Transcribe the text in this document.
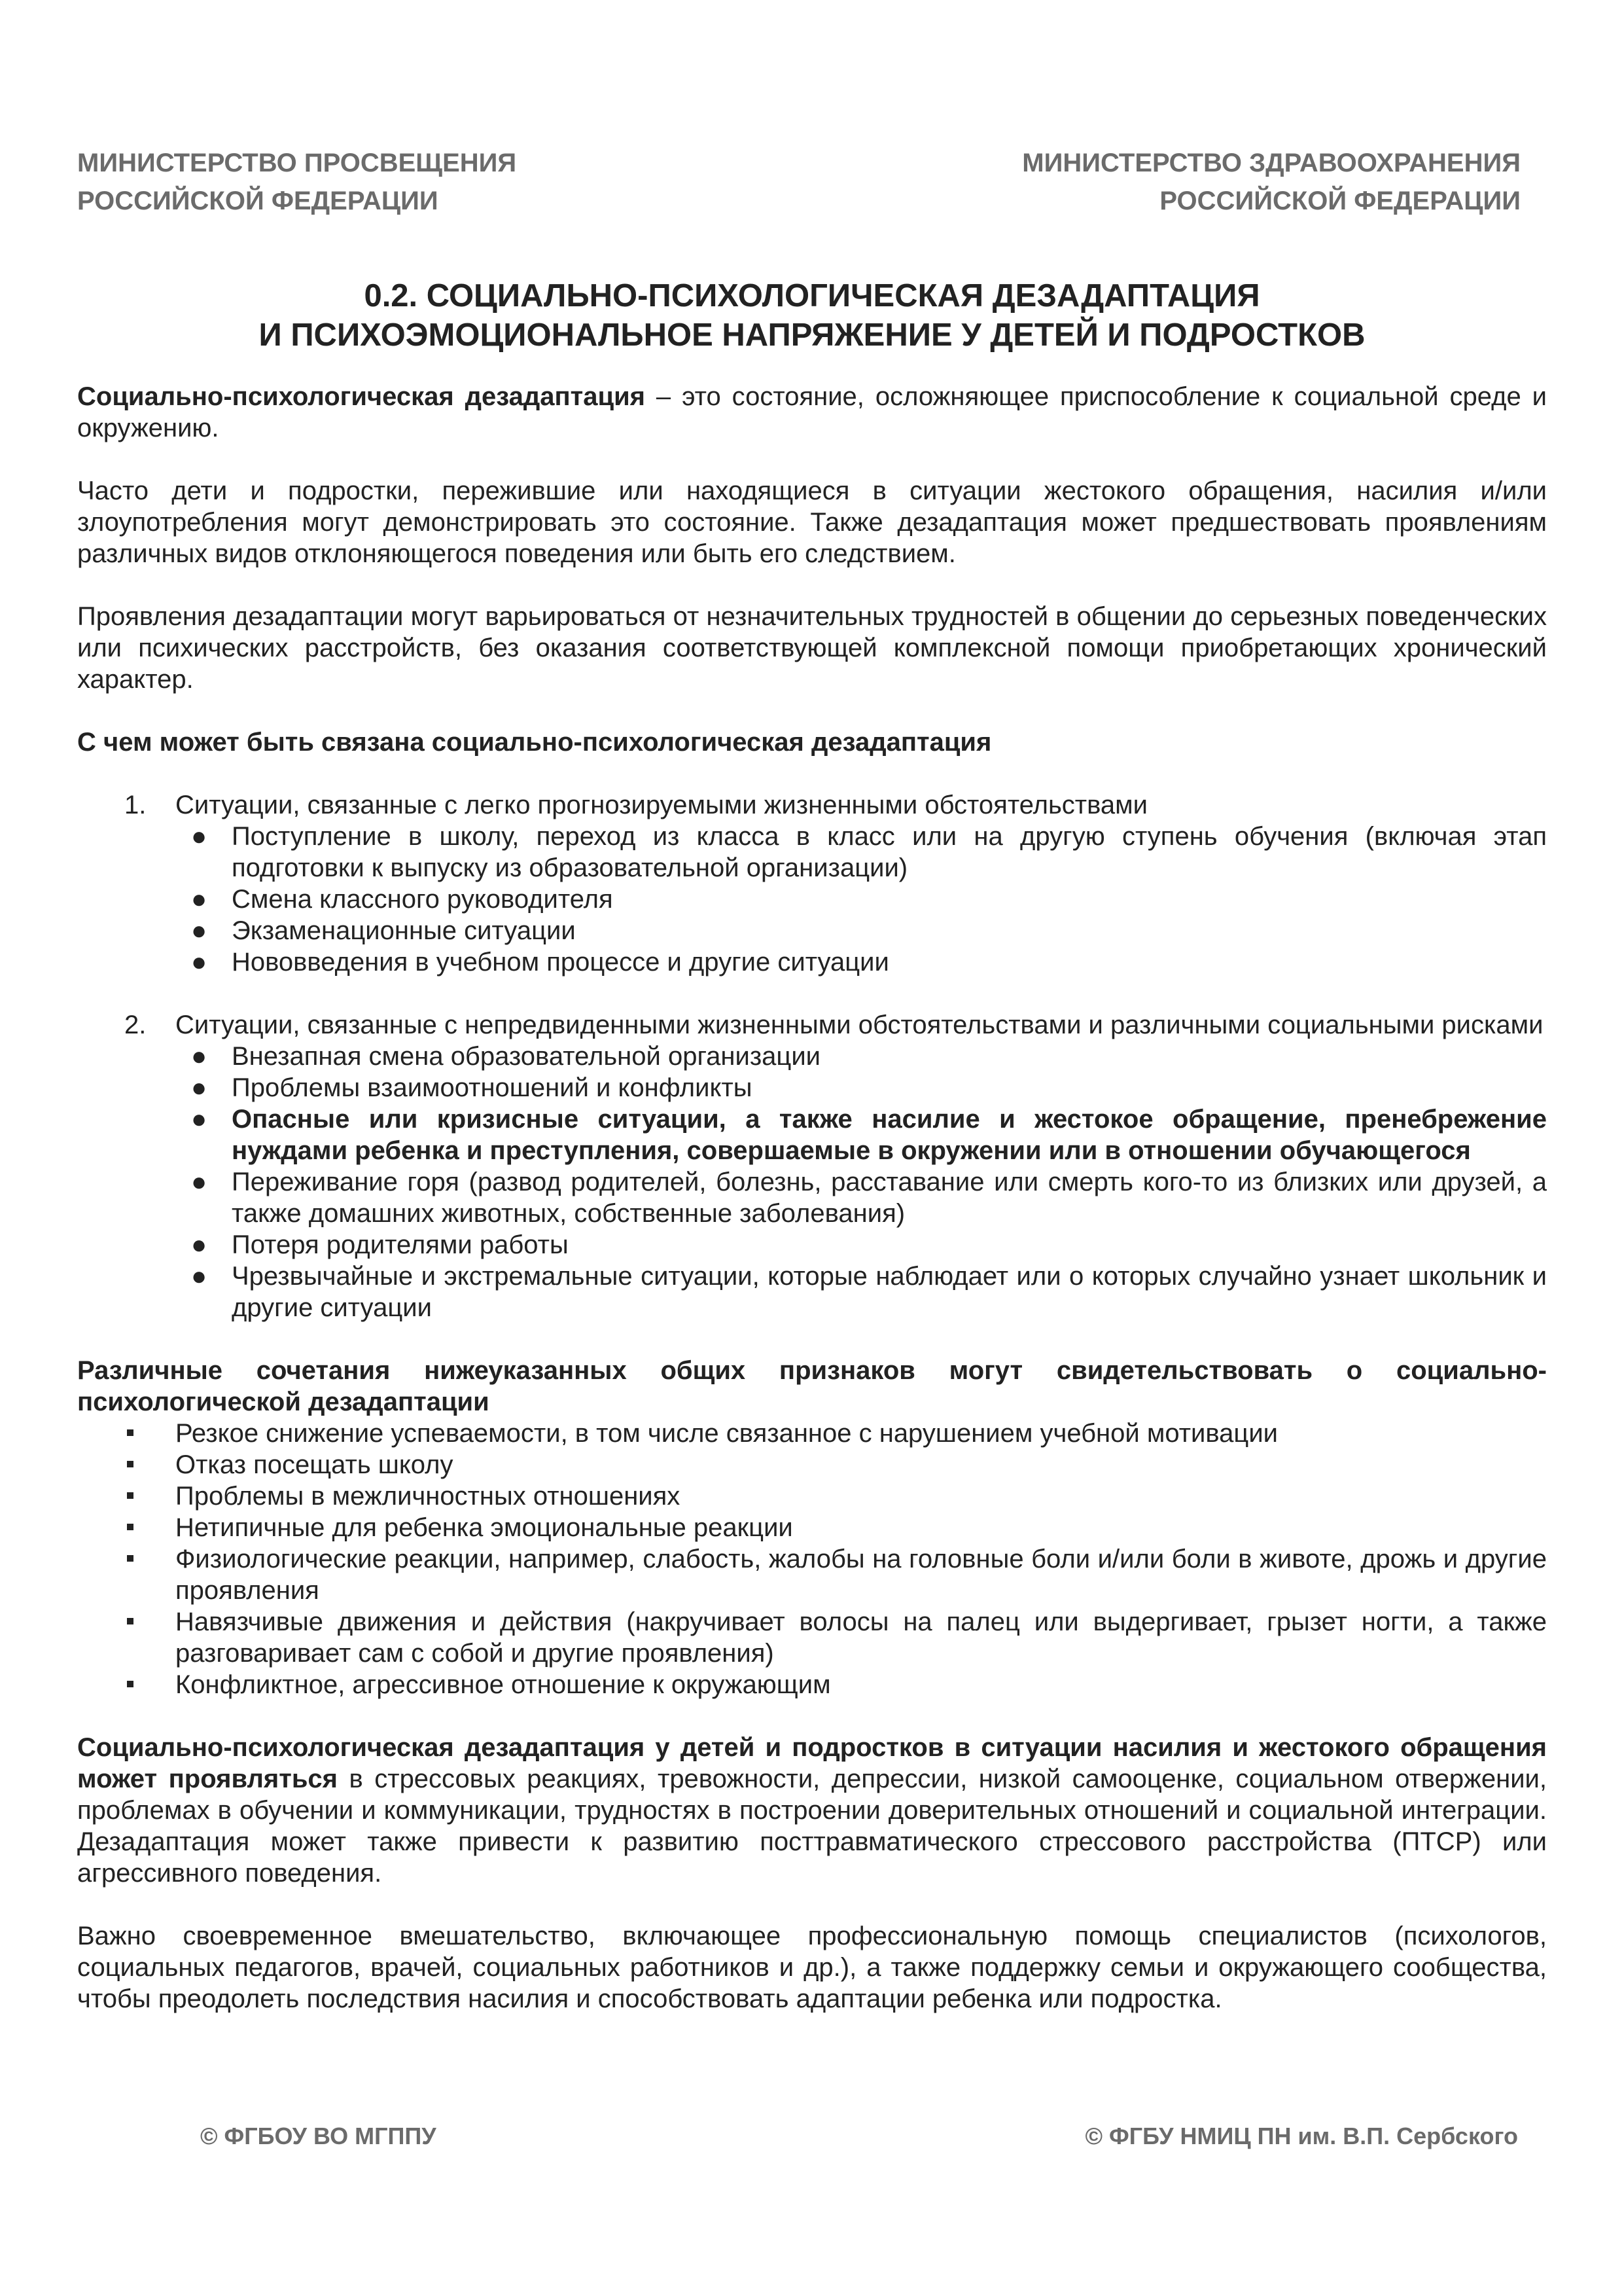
МИНИСТЕРСТВО ПРОСВЕЩЕНИЯ
РОССИЙСКОЙ ФЕДЕРАЦИИ
МИНИСТЕРСТВО ЗДРАВООХРАНЕНИЯ
РОССИЙСКОЙ ФЕДЕРАЦИИ
0.2. СОЦИАЛЬНО-ПСИХОЛОГИЧЕСКАЯ ДЕЗАДАПТАЦИЯ
И ПСИХОЭМОЦИОНАЛЬНОЕ НАПРЯЖЕНИЕ У ДЕТЕЙ И ПОДРОСТКОВ

Социально-психологическая дезадаптация – это состояние, осложняющее приспособление к социальной среде и окружению.

Часто дети и подростки, пережившие или находящиеся в ситуации жестокого обращения, насилия и/или злоупотребления могут демонстрировать это состояние. Также дезадаптация может предшествовать проявлениям различных видов отклоняющегося поведения или быть его следствием.

Проявления дезадаптации могут варьироваться от незначительных трудностей в общении до серьезных поведенческих или психических расстройств, без оказания соответствующей комплексной помощи приобретающих хронический характер.

С чем может быть связана социально-психологическая дезадаптация

1. Ситуации, связанные с легко прогнозируемыми жизненными обстоятельствами
● Поступление в школу, переход из класса в класс или на другую ступень обучения (включая этап подготовки к выпуску из образовательной организации)
● Смена классного руководителя
● Экзаменационные ситуации
● Нововведения в учебном процессе и другие ситуации
2. Ситуации, связанные с непредвиденными жизненными обстоятельствами и различными социальными рисками
● Внезапная смена образовательной организации
● Проблемы взаимоотношений и конфликты
● Опасные или кризисные ситуации, а также насилие и жестокое обращение, пренебрежение нуждами ребенка и преступления, совершаемые в окружении или в отношении обучающегося
● Переживание горя (развод родителей, болезнь, расставание или смерть кого-то из близких или друзей, а также домашних животных, собственные заболевания)
● Потеря родителями работы
● Чрезвычайные и экстремальные ситуации, которые наблюдает или о которых случайно узнает школьник и другие ситуации

Различные сочетания нижеуказанных общих признаков могут свидетельствовать о социально-психологической дезадаптации

Резкое снижение успеваемости, в том числе связанное с нарушением учебной мотивации
Отказ посещать школу
Проблемы в межличностных отношениях
Нетипичные для ребенка эмоциональные реакции
Физиологические реакции, например, слабость, жалобы на головные боли и/или боли в животе, дрожь и другие проявления
Навязчивые движения и действия (накручивает волосы на палец или выдергивает, грызет ногти, а также разговаривает сам с собой и другие проявления)
Конфликтное, агрессивное отношение к окружающим

Социально-психологическая дезадаптация у детей и подростков в ситуации насилия и жестокого обращения может проявляться в стрессовых реакциях, тревожности, депрессии, низкой самооценке, социальном отвержении, проблемах в обучении и коммуникации, трудностях в построении доверительных отношений и социальной интеграции. Дезадаптация может также привести к развитию посттравматического стрессового расстройства (ПТСР) или агрессивного поведения.

Важно своевременное вмешательство, включающее профессиональную помощь специалистов (психологов, социальных педагогов, врачей, социальных работников и др.), а также поддержку семьи и окружающего сообщества, чтобы преодолеть последствия насилия и способствовать адаптации ребенка или подростка.

© ФГБОУ ВО МГППУ	© ФГБУ НМИЦ ПН им. В.П. Сербского
